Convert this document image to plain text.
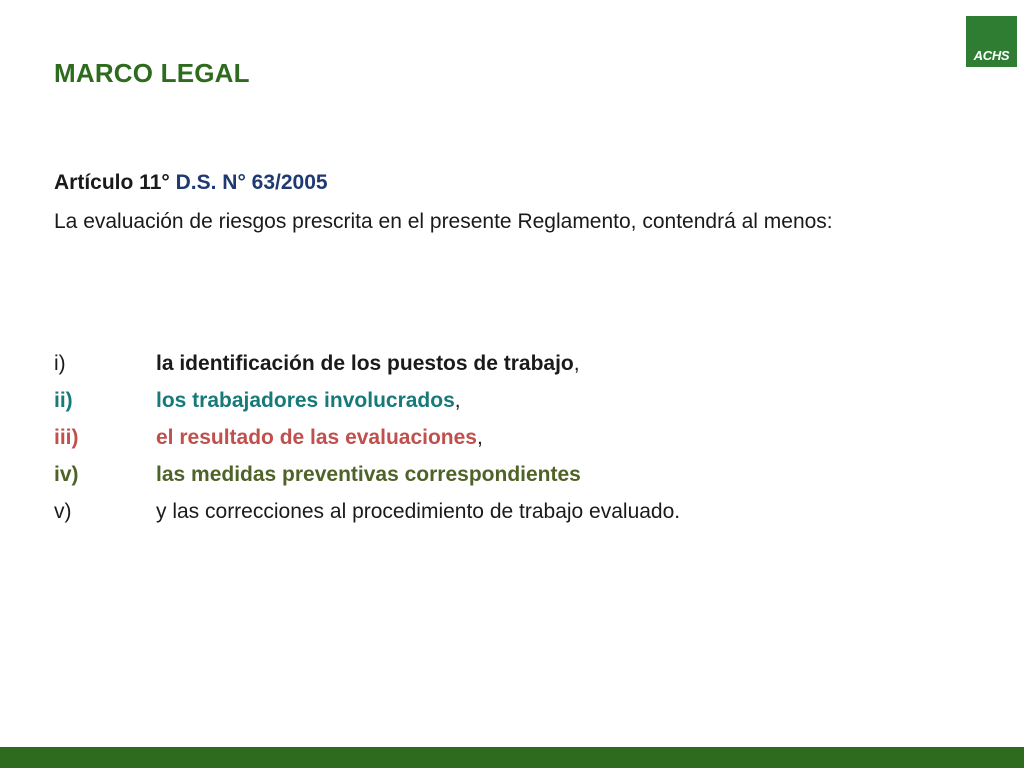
MARCO LEGAL
ACHS

Artículo 11° D.S. N° 63/2005

La evaluación de riesgos prescrita en el presente Reglamento, contendrá al menos:

i)	la identificación de los puestos de trabajo,
ii)	los trabajadores involucrados,
iii)	el resultado de las evaluaciones,
iv)	las medidas preventivas correspondientes
v)	y las correcciones al procedimiento de trabajo evaluado.
